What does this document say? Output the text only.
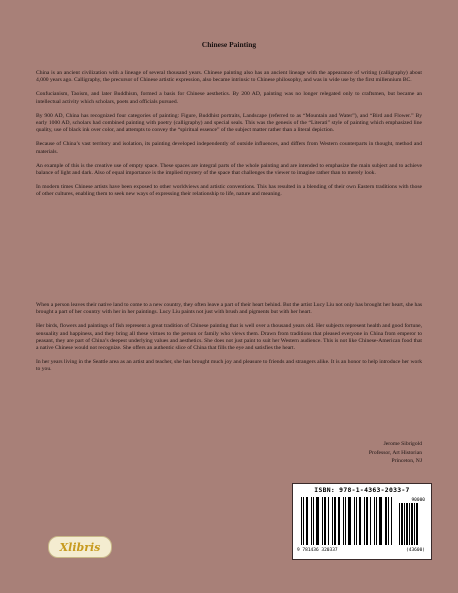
Chinese Painting

China is an ancient civilization with a lineage of several thousand years. Chinese painting also has an ancient lineage with the appearance of writing (calligraphy) about 4,000 years ago. Calligraphy, the precursor of Chinese artistic expression, also became intrinsic to Chinese philosophy, and was in wide use by the first millennium BC.

Confucianism, Taoism, and later Buddhism, formed a basis for Chinese aesthetics. By 200 AD, painting was no longer relegated only to craftsmen, but became an intellectual activity which scholars, poets and officials pursued.

By 900 AD, China has recognized four categories of painting: Figure, Buddhist portraits, Landscape (referred to as “Mountain and Water”), and “Bird and Flower.” By early 1000 AD, scholars had combined painting with poetry (calligraphy) and special seals. This was the genesis of the “Literati” style of painting which emphasized line quality, use of black ink over color, and attempts to convey the “spiritual essence” of the subject matter rather than a literal depiction.

Because of China’s vast territory and isolation, its painting developed independently of outside influences, and differs from Western counterparts in thought, method and materials.

An example of this is the creative use of empty space. These spaces are integral parts of the whole painting and are intended to emphasize the main subject and to achieve balance of light and dark. Also of equal importance is the implied mystery of the space that challenges the viewer to imagine rather than to merely look.

In modern times Chinese artists have been exposed to other worldviews and artistic conventions. This has resulted in a blending of their own Eastern traditions with those of other cultures, enabling them to seek new ways of expressing their relationship to life, nature and meaning.

When a person leaves their native land to come to a new country, they often leave a part of their heart behind. But the artist Lucy Liu not only has brought her heart, she has brought a part of her country with her in her paintings. Lucy Liu paints not just with brush and pigments but with her heart.

Her birds, flowers and paintings of fish represent a great tradition of Chinese painting that is well over a thousand years old. Her subjects represent health and good fortune, sensuality and happiness, and they bring all these virtues to the person or family who views them. Drawn from traditions that pleased everyone in China from emperor to peasant, they are part of China’s deepest underlying values and aesthetics. She does not just paint to suit her Western audience. This is not like Chinese-American food that a native Chinese would not recognize. She offers an authentic slice of China that fills the eye and satisfies the heart.

In her years living in the Seattle area as an artist and teacher, she has brought much joy and pleasure to friends and strangers alike. It is an honor to help introduce her work to you.

Jerome Sibrigold
Professor, Art Historian
Princeton, NJ
ISBN: 978-1-4363-2033-7
90000
9 781436 320337	(43600)
Xlibris
